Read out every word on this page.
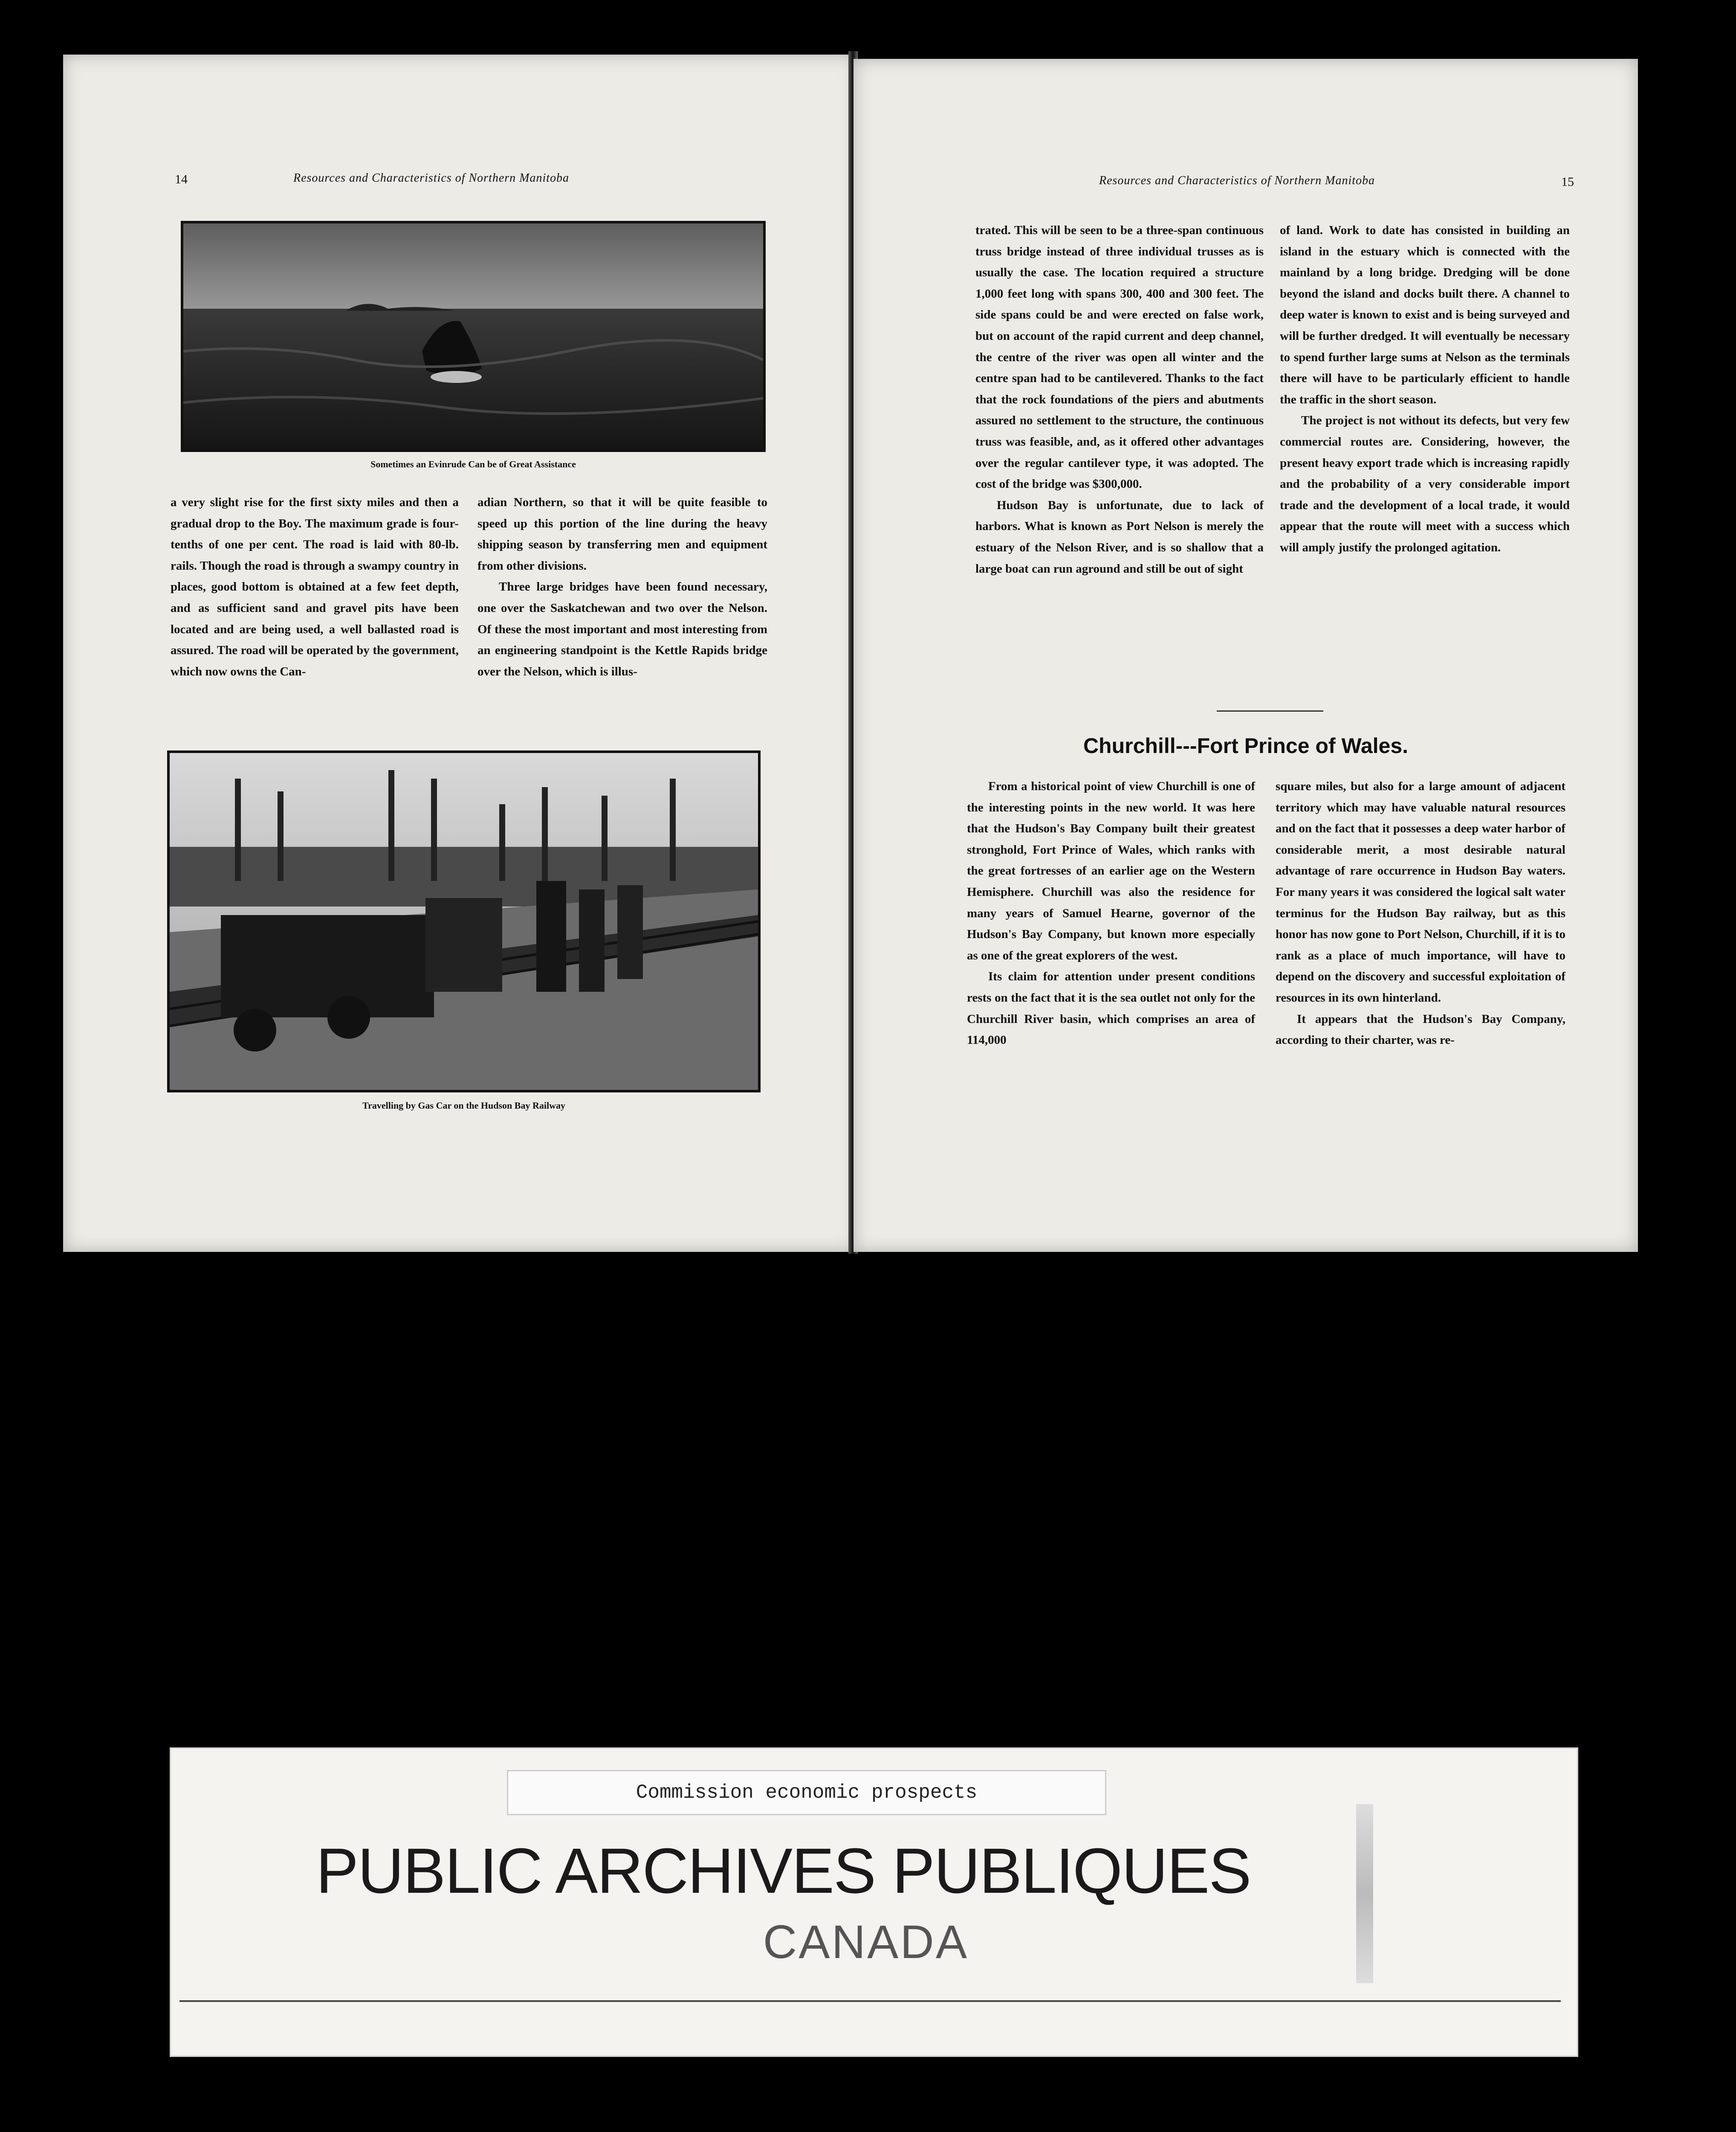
14	Resources and Characteristics of Northern Manitoba
Sometimes an Evinrude Can be of Great Assistance

a very slight rise for the first sixty miles and then a gradual drop to the Boy. The maximum grade is four-tenths of one per cent. The road is laid with 80-lb. rails. Though the road is through a swampy country in places, good bottom is obtained at a few feet depth, and as sufficient sand and gravel pits have been located and are being used, a well ballasted road is assured. The road will be operated by the government, which now owns the Can-

adian Northern, so that it will be quite feasible to speed up this portion of the line during the heavy shipping season by transferring men and equipment from other divisions.

Three large bridges have been found necessary, one over the Saskatchewan and two over the Nelson. Of these the most important and most interesting from an engineering standpoint is the Kettle Rapids bridge over the Nelson, which is illus-

Travelling by Gas Car on the Hudson Bay Railway
Resources and Characteristics of Northern Manitoba	15

trated. This will be seen to be a three-span continuous truss bridge instead of three individual trusses as is usually the case. The location required a structure 1,000 feet long with spans 300, 400 and 300 feet. The side spans could be and were erected on false work, but on account of the rapid current and deep channel, the centre of the river was open all winter and the centre span had to be cantilevered. Thanks to the fact that the rock foundations of the piers and abutments assured no settlement to the structure, the continuous truss was feasible, and, as it offered other advantages over the regular cantilever type, it was adopted. The cost of the bridge was $300,000.

Hudson Bay is unfortunate, due to lack of harbors. What is known as Port Nelson is merely the estuary of the Nelson River, and is so shallow that a large boat can run aground and still be out of sight

of land. Work to date has consisted in building an island in the estuary which is connected with the mainland by a long bridge. Dredging will be done beyond the island and docks built there. A channel to deep water is known to exist and is being surveyed and will be further dredged. It will eventually be necessary to spend further large sums at Nelson as the terminals there will have to be particularly efficient to handle the traffic in the short season.

The project is not without its defects, but very few commercial routes are. Considering, however, the present heavy export trade which is increasing rapidly and the probability of a very considerable import trade and the development of a local trade, it would appear that the route will meet with a success which will amply justify the prolonged agitation.

Churchill---Fort Prince of Wales.

From a historical point of view Churchill is one of the interesting points in the new world. It was here that the Hudson's Bay Company built their greatest stronghold, Fort Prince of Wales, which ranks with the great fortresses of an earlier age on the Western Hemisphere. Churchill was also the residence for many years of Samuel Hearne, governor of the Hudson's Bay Company, but known more especially as one of the great explorers of the west.

Its claim for attention under present conditions rests on the fact that it is the sea outlet not only for the Churchill River basin, which comprises an area of 114,000

square miles, but also for a large amount of adjacent territory which may have valuable natural resources and on the fact that it possesses a deep water harbor of considerable merit, a most desirable natural advantage of rare occurrence in Hudson Bay waters. For many years it was considered the logical salt water terminus for the Hudson Bay railway, but as this honor has now gone to Port Nelson, Churchill, if it is to rank as a place of much importance, will have to depend on the discovery and successful exploitation of resources in its own hinterland.

It appears that the Hudson's Bay Company, according to their charter, was re-

Commission economic prospects
PUBLIC ARCHIVES PUBLIQUES
CANADA
